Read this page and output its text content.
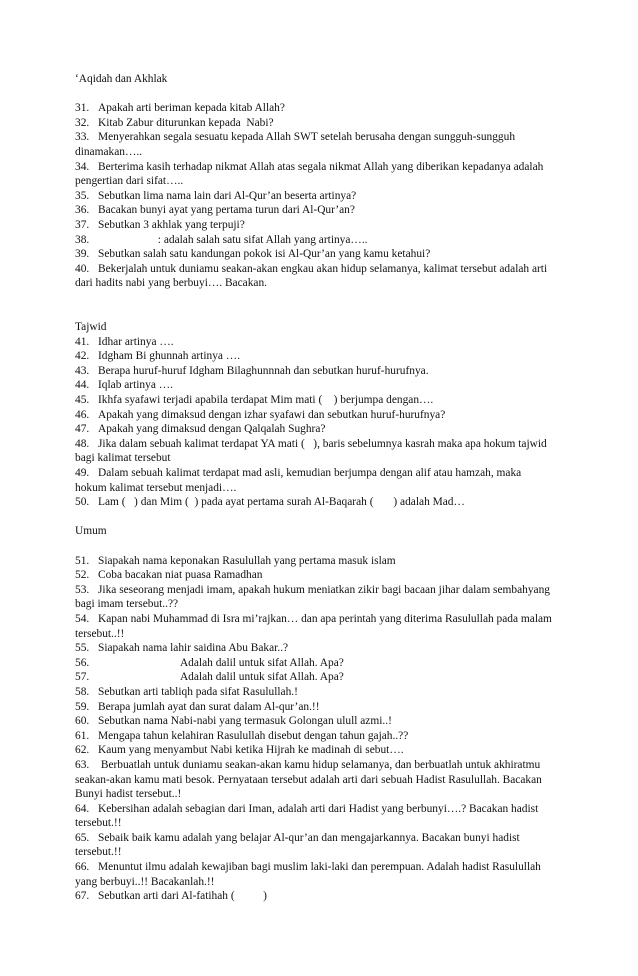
‘Aqidah dan Akhlak

31. Apakah arti beriman kepada kitab Allah?
32. Kitab Zabur diturunkan kepada  Nabi?
33. Menyerahkan segala sesuatu kepada Allah SWT setelah berusaha dengan sungguh-sungguh dinamakan…..
34. Berterima kasih terhadap nikmat Allah atas segala nikmat Allah yang diberikan kepadanya adalah pengertian dari sifat…..
35. Sebutkan lima nama lain dari Al-Qur’an beserta artinya?
36. Bacakan bunyi ayat yang pertama turun dari Al-Qur’an?
37. Sebutkan 3 akhlak yang terpuji?
38.                     : adalah salah satu sifat Allah yang artinya…..
39. Sebutkan salah satu kandungan pokok isi Al-Qur’an yang kamu ketahui?
40. Bekerjalah untuk duniamu seakan-akan engkau akan hidup selamanya, kalimat tersebut adalah arti dari hadits nabi yang berbuyi…. Bacakan.

Tajwid

41. Idhar artinya ….
42. Idgham Bi ghunnah artinya ….
43. Berapa huruf-huruf Idgham Bilaghunnnah dan sebutkan huruf-hurufnya.
44. Iqlab artinya ….
45. Ikhfa syafawi terjadi apabila terdapat Mim mati (    ) berjumpa dengan….
46. Apakah yang dimaksud dengan izhar syafawi dan sebutkan huruf-hurufnya?
47. Apakah yang dimaksud dengan Qalqalah Sughra?
48. Jika dalam sebuah kalimat terdapat YA mati (   ), baris sebelumnya kasrah maka apa hokum tajwid bagi kalimat tersebut
49. Dalam sebuah kalimat terdapat mad asli, kemudian berjumpa dengan alif atau hamzah, maka hokum kalimat tersebut menjadi….
50. Lam (   ) dan Mim (  ) pada ayat pertama surah Al-Baqarah (       ) adalah Mad…

Umum

51. Siapakah nama keponakan Rasulullah yang pertama masuk islam
52. Coba bacakan niat puasa Ramadhan
53. Jika seseorang menjadi imam, apakah hukum meniatkan zikir bagi bacaan jihar dalam sembahyang bagi imam tersebut..??
54. Kapan nabi Muhammad di Isra mi’rajkan… dan apa perintah yang diterima Rasulullah pada malam tersebut..!!
55. Siapakah nama lahir saidina Abu Bakar..?
56.                             Adalah dalil untuk sifat Allah. Apa?
57.                             Adalah dalil untuk sifat Allah. Apa?
58. Sebutkan arti tabliqh pada sifat Rasulullah.!
59. Berapa jumlah ayat dan surat dalam Al-qur’an.!!
60. Sebutkan nama Nabi-nabi yang termasuk Golongan ulull azmi..!
61. Mengapa tahun kelahiran Rasulullah disebut dengan tahun gajah..??
62. Kaum yang menyambut Nabi ketika Hijrah ke madinah di sebut….
63. Berbuatlah untuk duniamu seakan-akan kamu hidup selamanya, dan berbuatlah untuk akhiratmu seakan-akan kamu mati besok. Pernyataan tersebut adalah arti dari sebuah Hadist Rasulullah. Bacakan Bunyi hadist tersebut..!
64. Kebersihan adalah sebagian dari Iman, adalah arti dari Hadist yang berbunyi….? Bacakan hadist tersebut.!!
65. Sebaik baik kamu adalah yang belajar Al-qur’an dan mengajarkannya. Bacakan bunyi hadist tersebut.!!
66. Menuntut ilmu adalah kewajiban bagi muslim laki-laki dan perempuan. Adalah hadist Rasulullah yang berbuyi..!! Bacakanlah.!!
67. Sebutkan arti dari Al-fatihah (          )
